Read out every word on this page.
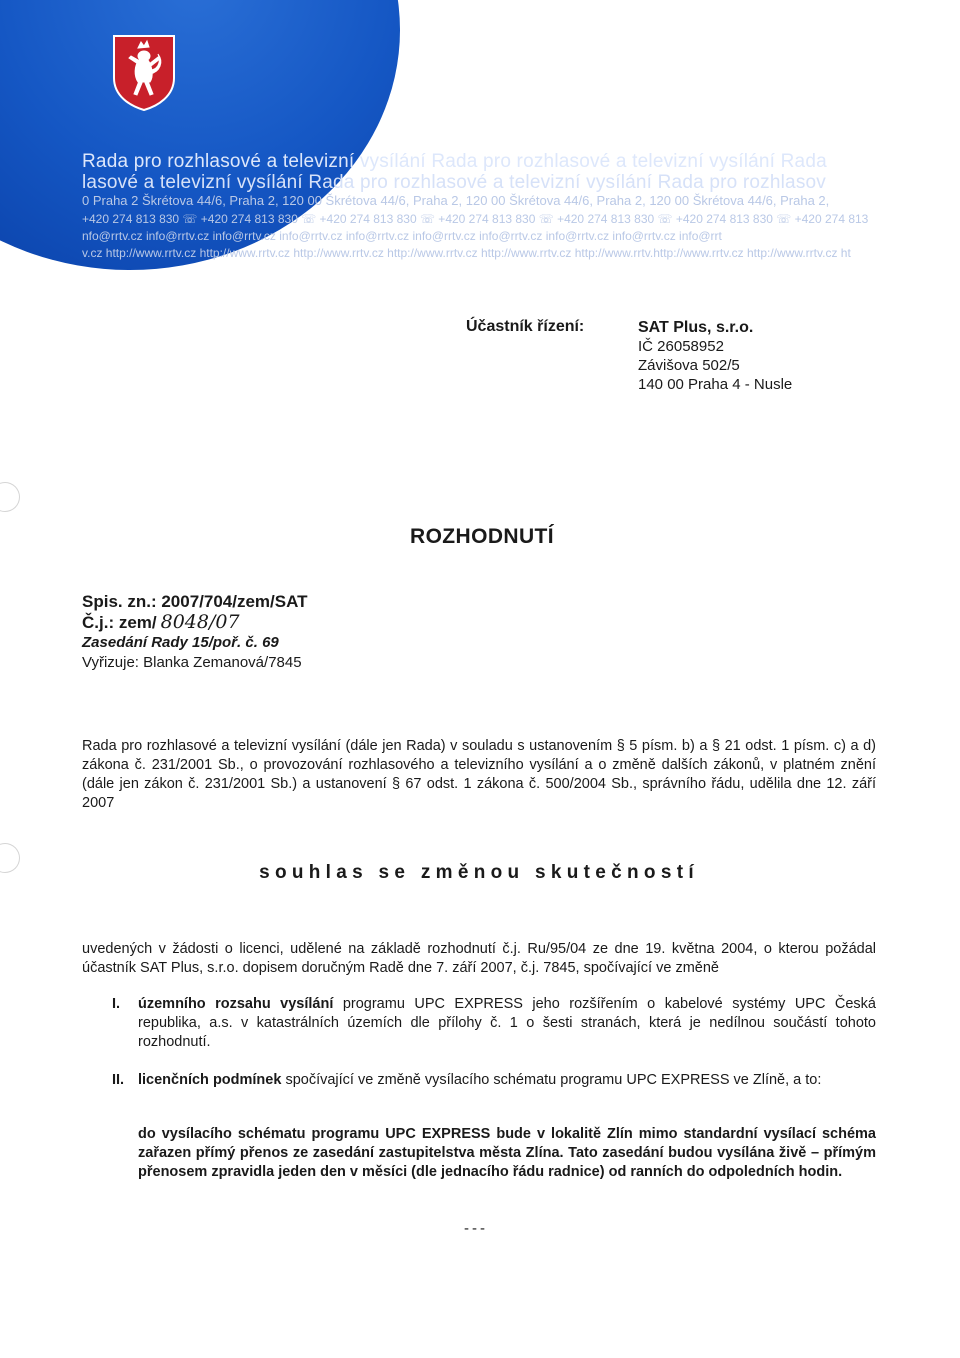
Rada pro rozhlasové a televizní vysílání Rada pro rozhlasové a televizní vysílání Rada
lasové a televizní vysílání Rada pro rozhlasové a televizní vysílání Rada pro rozhlasov
0 Praha 2 Škrétova 44/6, Praha 2, 120 00 Škrétova 44/6, Praha 2, 120 00 Škrétova 44/6, Praha 2, 120 00 Škrétova 44/6, Praha 2,
+420 274 813 830 ☏ +420 274 813 830 ☏ +420 274 813 830 ☏ +420 274 813 830 ☏ +420 274 813 830 ☏ +420 274 813 830 ☏ +420 274 813
nfo@rrtv.cz info@rrtv.cz info@rrtv.cz info@rrtv.cz info@rrtv.cz info@rrtv.cz info@rrtv.cz info@rrtv.cz info@rrtv.cz info@rrt
v.cz http://www.rrtv.cz http://www.rrtv.cz http://www.rrtv.cz http://www.rrtv.cz http://www.rrtv.cz http://www.rrtv.http://www.rrtv.cz http://www.rrtv.cz ht
Účastník řízení:	SAT Plus, s.r.o.
IČ 26058952
Závišova 502/5
140 00 Praha 4 - Nusle
ROZHODNUTÍ
Spis. zn.: 2007/704/zem/SAT
Č.j.: zem/ 8048/07
Zasedání Rady 15/poř. č. 69
Vyřizuje: Blanka Zemanová/7845

Rada pro rozhlasové a televizní vysílání (dále jen Rada) v souladu s ustanovením § 5 písm. b) a § 21 odst. 1 písm. c) a d) zákona č. 231/2001 Sb., o provozování rozhlasového a televizního vysílání a o změně dalších zákonů, v platném znění (dále jen zákon č. 231/2001 Sb.) a ustanovení § 67 odst. 1 zákona č. 500/2004 Sb., správního řádu, udělila dne 12. září 2007

souhlas se změnou skutečností

uvedených v žádosti o licenci, udělené na základě rozhodnutí č.j. Ru/95/04 ze dne 19. května 2004, o kterou požádal účastník SAT Plus, s.r.o. dopisem doručným Radě dne 7. září 2007, č.j. 7845, spočívající ve změně

I. územního rozsahu vysílání programu UPC EXPRESS jeho rozšířením o kabelové systémy UPC Česká republika, a.s. v katastrálních územích dle přílohy č. 1 o šesti stranách, která je nedílnou součástí tohoto rozhodnutí.

II. licenčních podmínek spočívající ve změně vysílacího schématu programu UPC EXPRESS ve Zlíně, a to:

do vysílacího schématu programu UPC EXPRESS bude v lokalitě Zlín mimo standardní vysílací schéma zařazen přímý přenos ze zasedání zastupitelstva města Zlína. Tato zasedání budou vysílána živě – přímým přenosem zpravidla jeden den v měsíci (dle jednacího řádu radnice) od ranních do odpoledních hodin.

---
